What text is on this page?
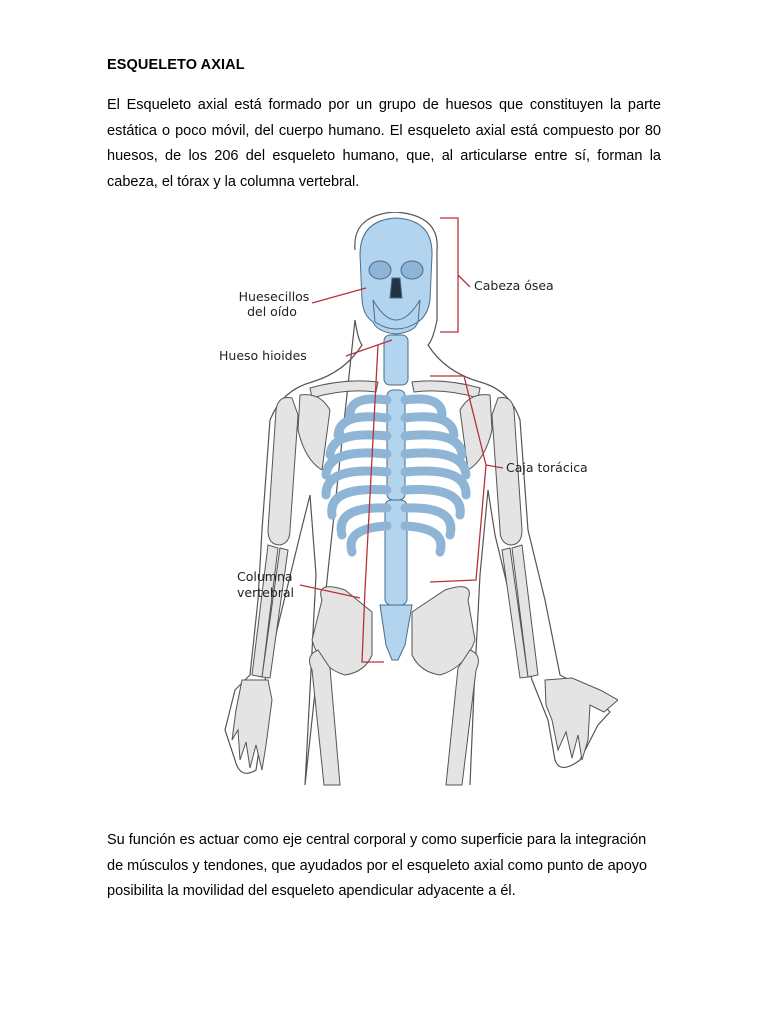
ESQUELETO AXIAL

El Esqueleto axial está formado por un grupo de huesos que constituyen la parte estática o poco móvil, del cuerpo humano. El esqueleto axial está compuesto por 80 huesos, de los 206 del esqueleto humano, que, al articularse entre sí, forman la cabeza, el tórax y la columna vertebral.

Huesecillos
del oído
Hueso hioides
Cabeza ósea
Caja torácica
Columna
vertebral

Su función es actuar como eje central corporal y como superficie para la integración de músculos y tendones, que ayudados por el esqueleto axial como punto de apoyo posibilita la movilidad del esqueleto apendicular adyacente a él.
